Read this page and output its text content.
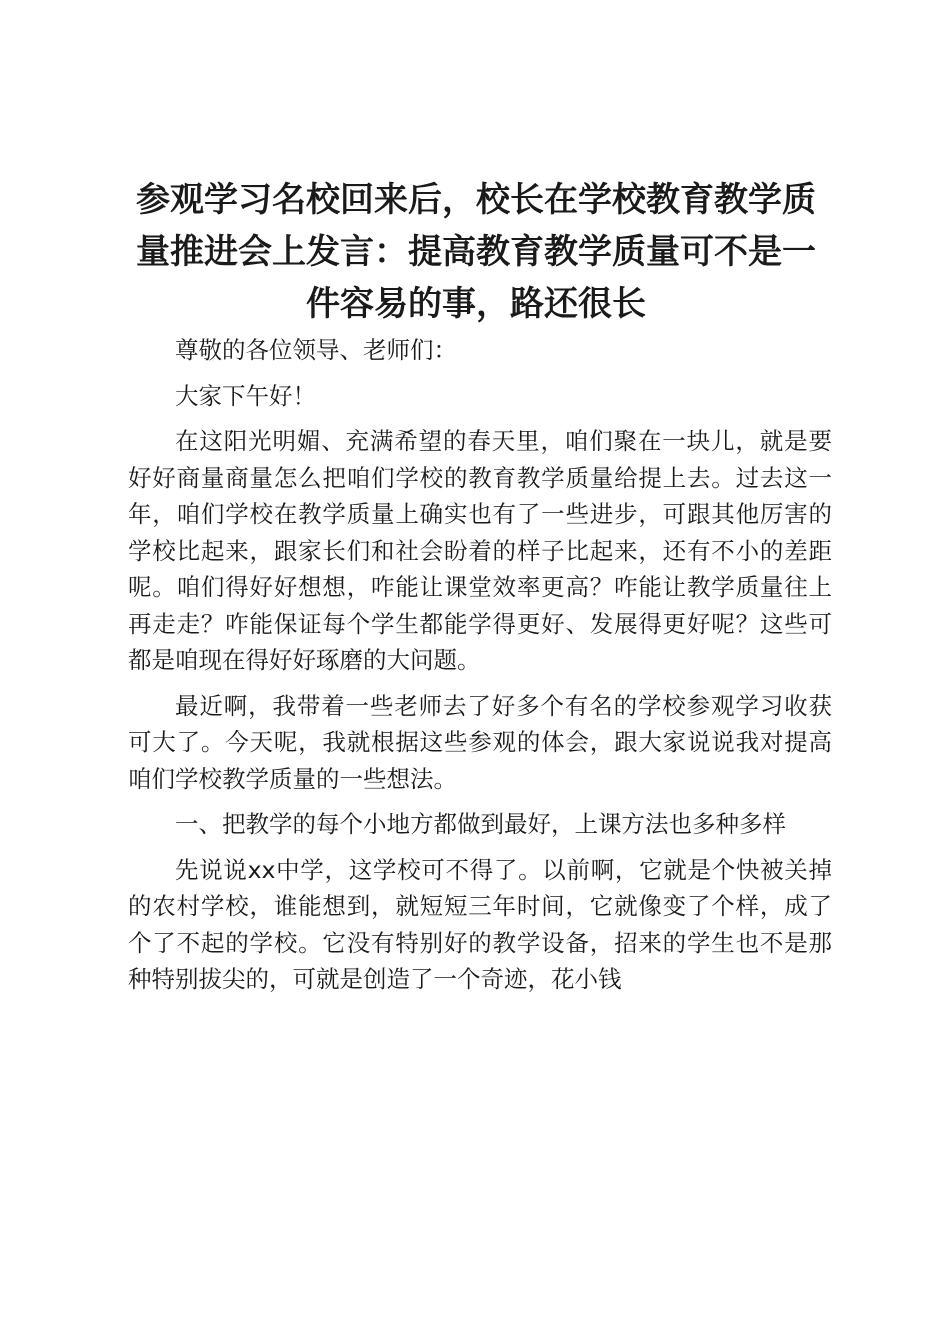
参观学习名校回来后，校长在学校教育教学质量推进会上发言：提高教育教学质量可不是一件容易的事，路还很长

尊敬的各位领导、老师们：

大家下午好！

在这阳光明媚、充满希望的春天里，咱们聚在一块儿，就是要好好商量商量怎么把咱们学校的教育教学质量给提上去。过去这一年，咱们学校在教学质量上确实也有了一些进步，可跟其他厉害的学校比起来，跟家长们和社会盼着的样子比起来，还有不小的差距呢。咱们得好好想想，咋能让课堂效率更高？咋能让教学质量往上再走走？咋能保证每个学生都能学得更好、发展得更好呢？这些可都是咱现在得好好琢磨的大问题。

最近啊，我带着一些老师去了好多个有名的学校参观学习收获可大了。今天呢，我就根据这些参观的体会，跟大家说说我对提高咱们学校教学质量的一些想法。

一、把教学的每个小地方都做到最好，上课方法也多种多样

先说说xx中学，这学校可不得了。以前啊，它就是个快被关掉的农村学校，谁能想到，就短短三年时间，它就像变了个样，成了个了不起的学校。它没有特别好的教学设备，招来的学生也不是那种特别拔尖的，可就是创造了一个奇迹，花小钱
